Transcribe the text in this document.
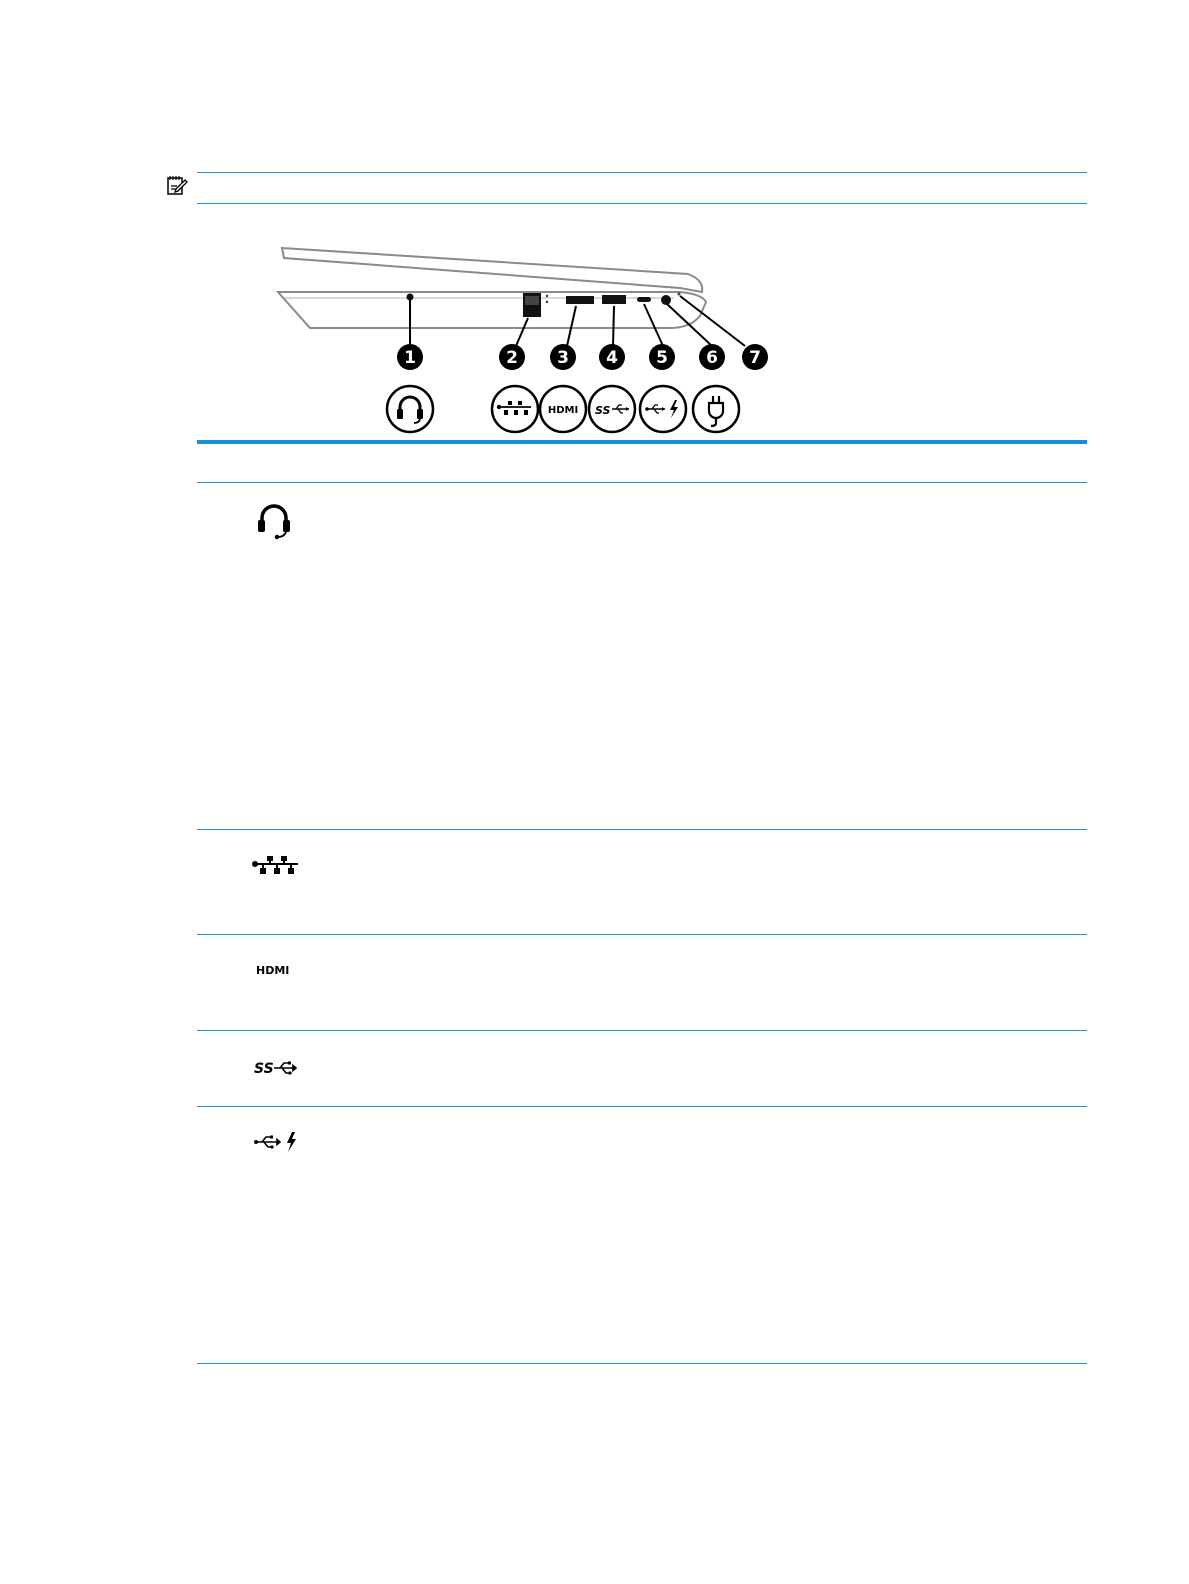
1	2 3 4 5 6 7
HDMI SS
HDMI
SS
